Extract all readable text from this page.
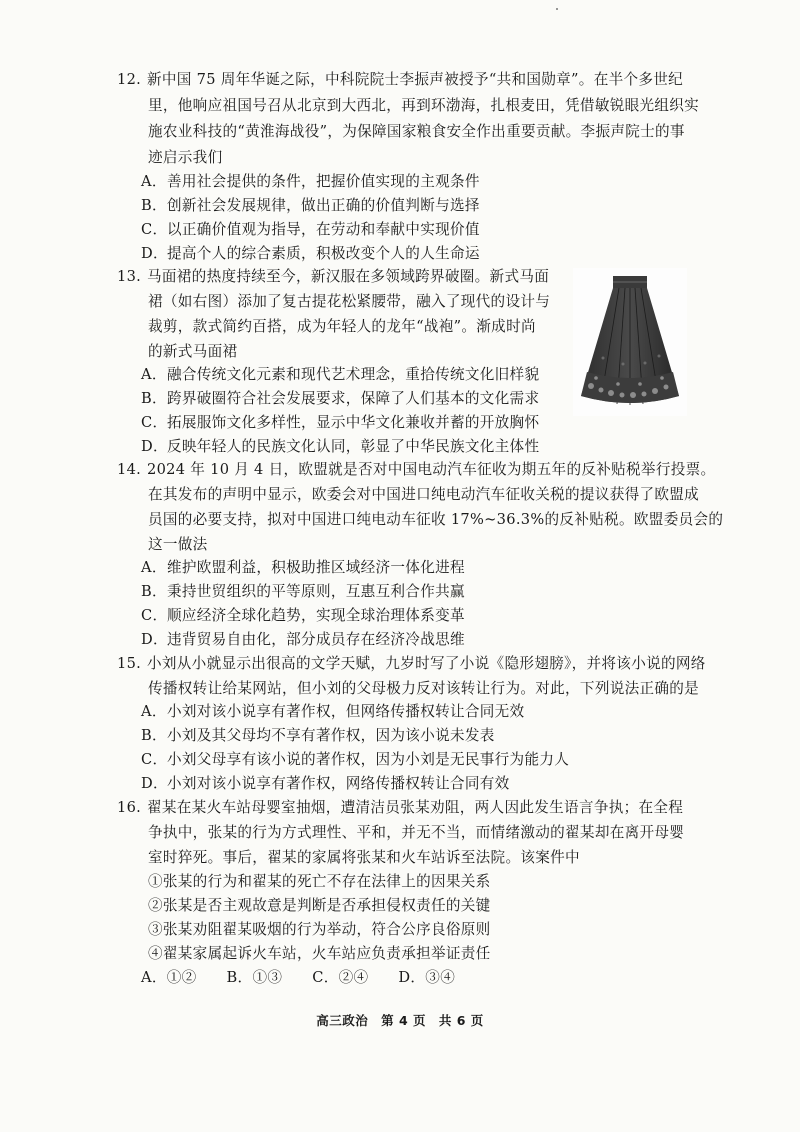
12. 新中国 75 周年华诞之际，中科院院士李振声被授予“共和国勋章”。在半个多世纪
里，他响应祖国号召从北京到大西北，再到环渤海，扎根麦田，凭借敏锐眼光组织实
施农业科技的“黄淮海战役”，为保障国家粮食安全作出重要贡献。李振声院士的事
迹启示我们
A．善用社会提供的条件，把握价值实现的主观条件
B．创新社会发展规律，做出正确的价值判断与选择
C．以正确价值观为指导，在劳动和奉献中实现价值
D．提高个人的综合素质，积极改变个人的人生命运
13. 马面裙的热度持续至今，新汉服在多领域跨界破圈。新式马面
裙（如右图）添加了复古提花松紧腰带，融入了现代的设计与
裁剪，款式简约百搭，成为年轻人的龙年“战袍”。渐成时尚
的新式马面裙
A．融合传统文化元素和现代艺术理念，重拾传统文化旧样貌
B．跨界破圈符合社会发展要求，保障了人们基本的文化需求
C．拓展服饰文化多样性，显示中华文化兼收并蓄的开放胸怀
D．反映年轻人的民族文化认同，彰显了中华民族文化主体性
14. 2024 年 10 月 4 日，欧盟就是否对中国电动汽车征收为期五年的反补贴税举行投票。
在其发布的声明中显示，欧委会对中国进口纯电动汽车征收关税的提议获得了欧盟成
员国的必要支持，拟对中国进口纯电动车征收 17%~36.3%的反补贴税。欧盟委员会的
这一做法
A．维护欧盟利益，积极助推区域经济一体化进程
B．秉持世贸组织的平等原则，互惠互利合作共赢
C．顺应经济全球化趋势，实现全球治理体系变革
D．违背贸易自由化，部分成员存在经济冷战思维
15. 小刘从小就显示出很高的文学天赋，九岁时写了小说《隐形翅膀》，并将该小说的网络
传播权转让给某网站，但小刘的父母极力反对该转让行为。对此，下列说法正确的是
A．小刘对该小说享有著作权，但网络传播权转让合同无效
B．小刘及其父母均不享有著作权，因为该小说未发表
C．小刘父母享有该小说的著作权，因为小刘是无民事行为能力人
D．小刘对该小说享有著作权，网络传播权转让合同有效
16. 翟某在某火车站母婴室抽烟，遭清洁员张某劝阻，两人因此发生语言争执；在全程
争执中，张某的行为方式理性、平和，并无不当，而情绪激动的翟某却在离开母婴
室时猝死。事后，翟某的家属将张某和火车站诉至法院。该案件中
①张某的行为和翟某的死亡不存在法律上的因果关系
②张某是否主观故意是判断是否承担侵权责任的关键
③张某劝阻翟某吸烟的行为举动，符合公序良俗原则
④翟某家属起诉火车站，火车站应负责承担举证责任
A．①② B．①③ C．②④ D．③④
高三政治 第 4 页 共 6 页
